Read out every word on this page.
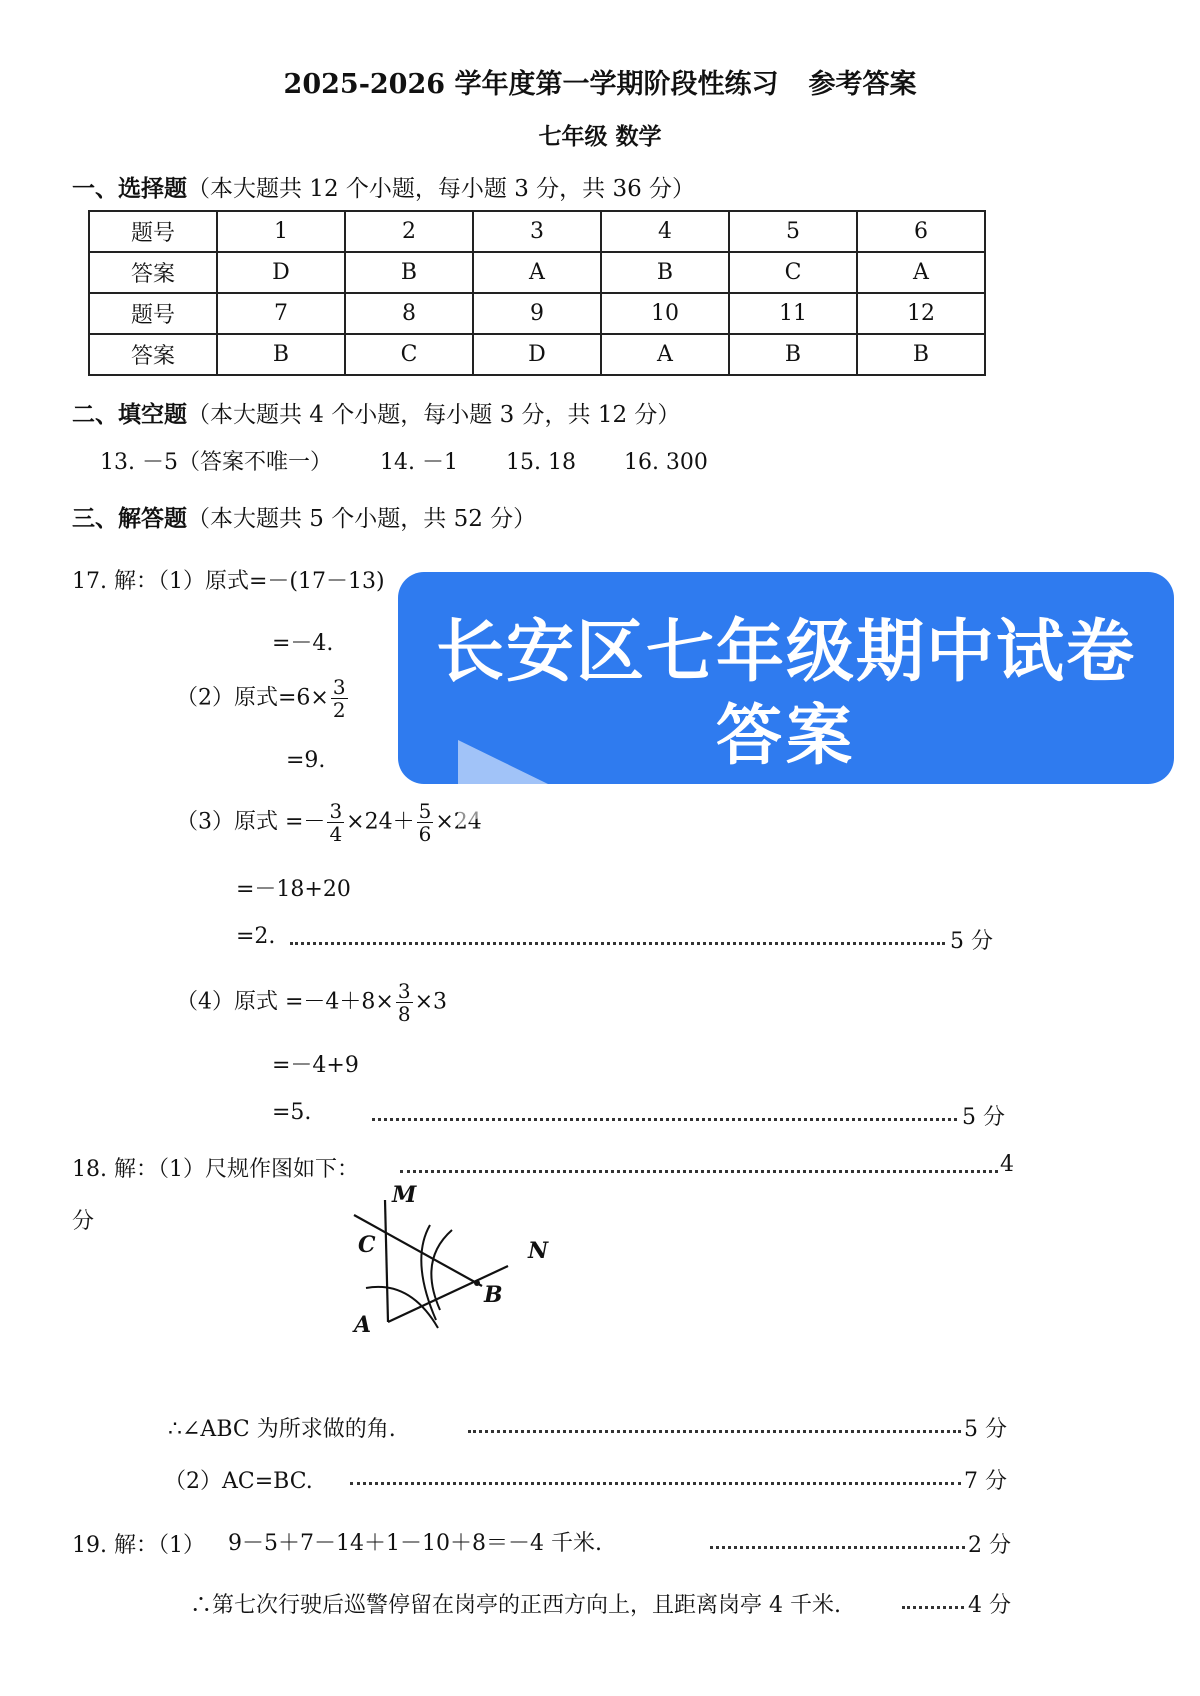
2025-2026 学年度第一学期阶段性练习 参考答案
七年级 数学
一、选择题（本大题共 12 个小题，每小题 3 分，共 36 分）
题号	1	2	3	4	5	6
答案	D	B	A	B	C	A
题号	7	8	9	10	11	12
答案	B	C	D	A	B	B
二、填空题（本大题共 4 个小题，每小题 3 分，共 12 分）
13. －5（答案不唯一） 14. －1 15. 18 16. 300
三、解答题（本大题共 5 个小题，共 52 分）
17. 解：（1）原式=－(17－13)
=－4.
（2）原式$=6\times \frac{3}{2}$
=9.
（3）原式 =－ $\frac{3}{4} \times 24+ \frac{5}{6} \times 24$
=－18+20
=2.	5 分
（4）原式 $=-4+8\times \frac{3}{8} \times 3$
=－4+9
=5.	5 分
18. 解：（1）尺规作图如下：	4
分
M
C	N
B
A
∴∠ABC 为所求做的角.	5 分
（2）AC=BC.	7 分
19. 解：（1） 9－5＋7－14＋1－10＋8＝－4 千米.	2 分
∴第七次行驶后巡警停留在岗亭的正西方向上，且距离岗亭 4 千米.	4 分
长安区七年级期中试卷
答案
